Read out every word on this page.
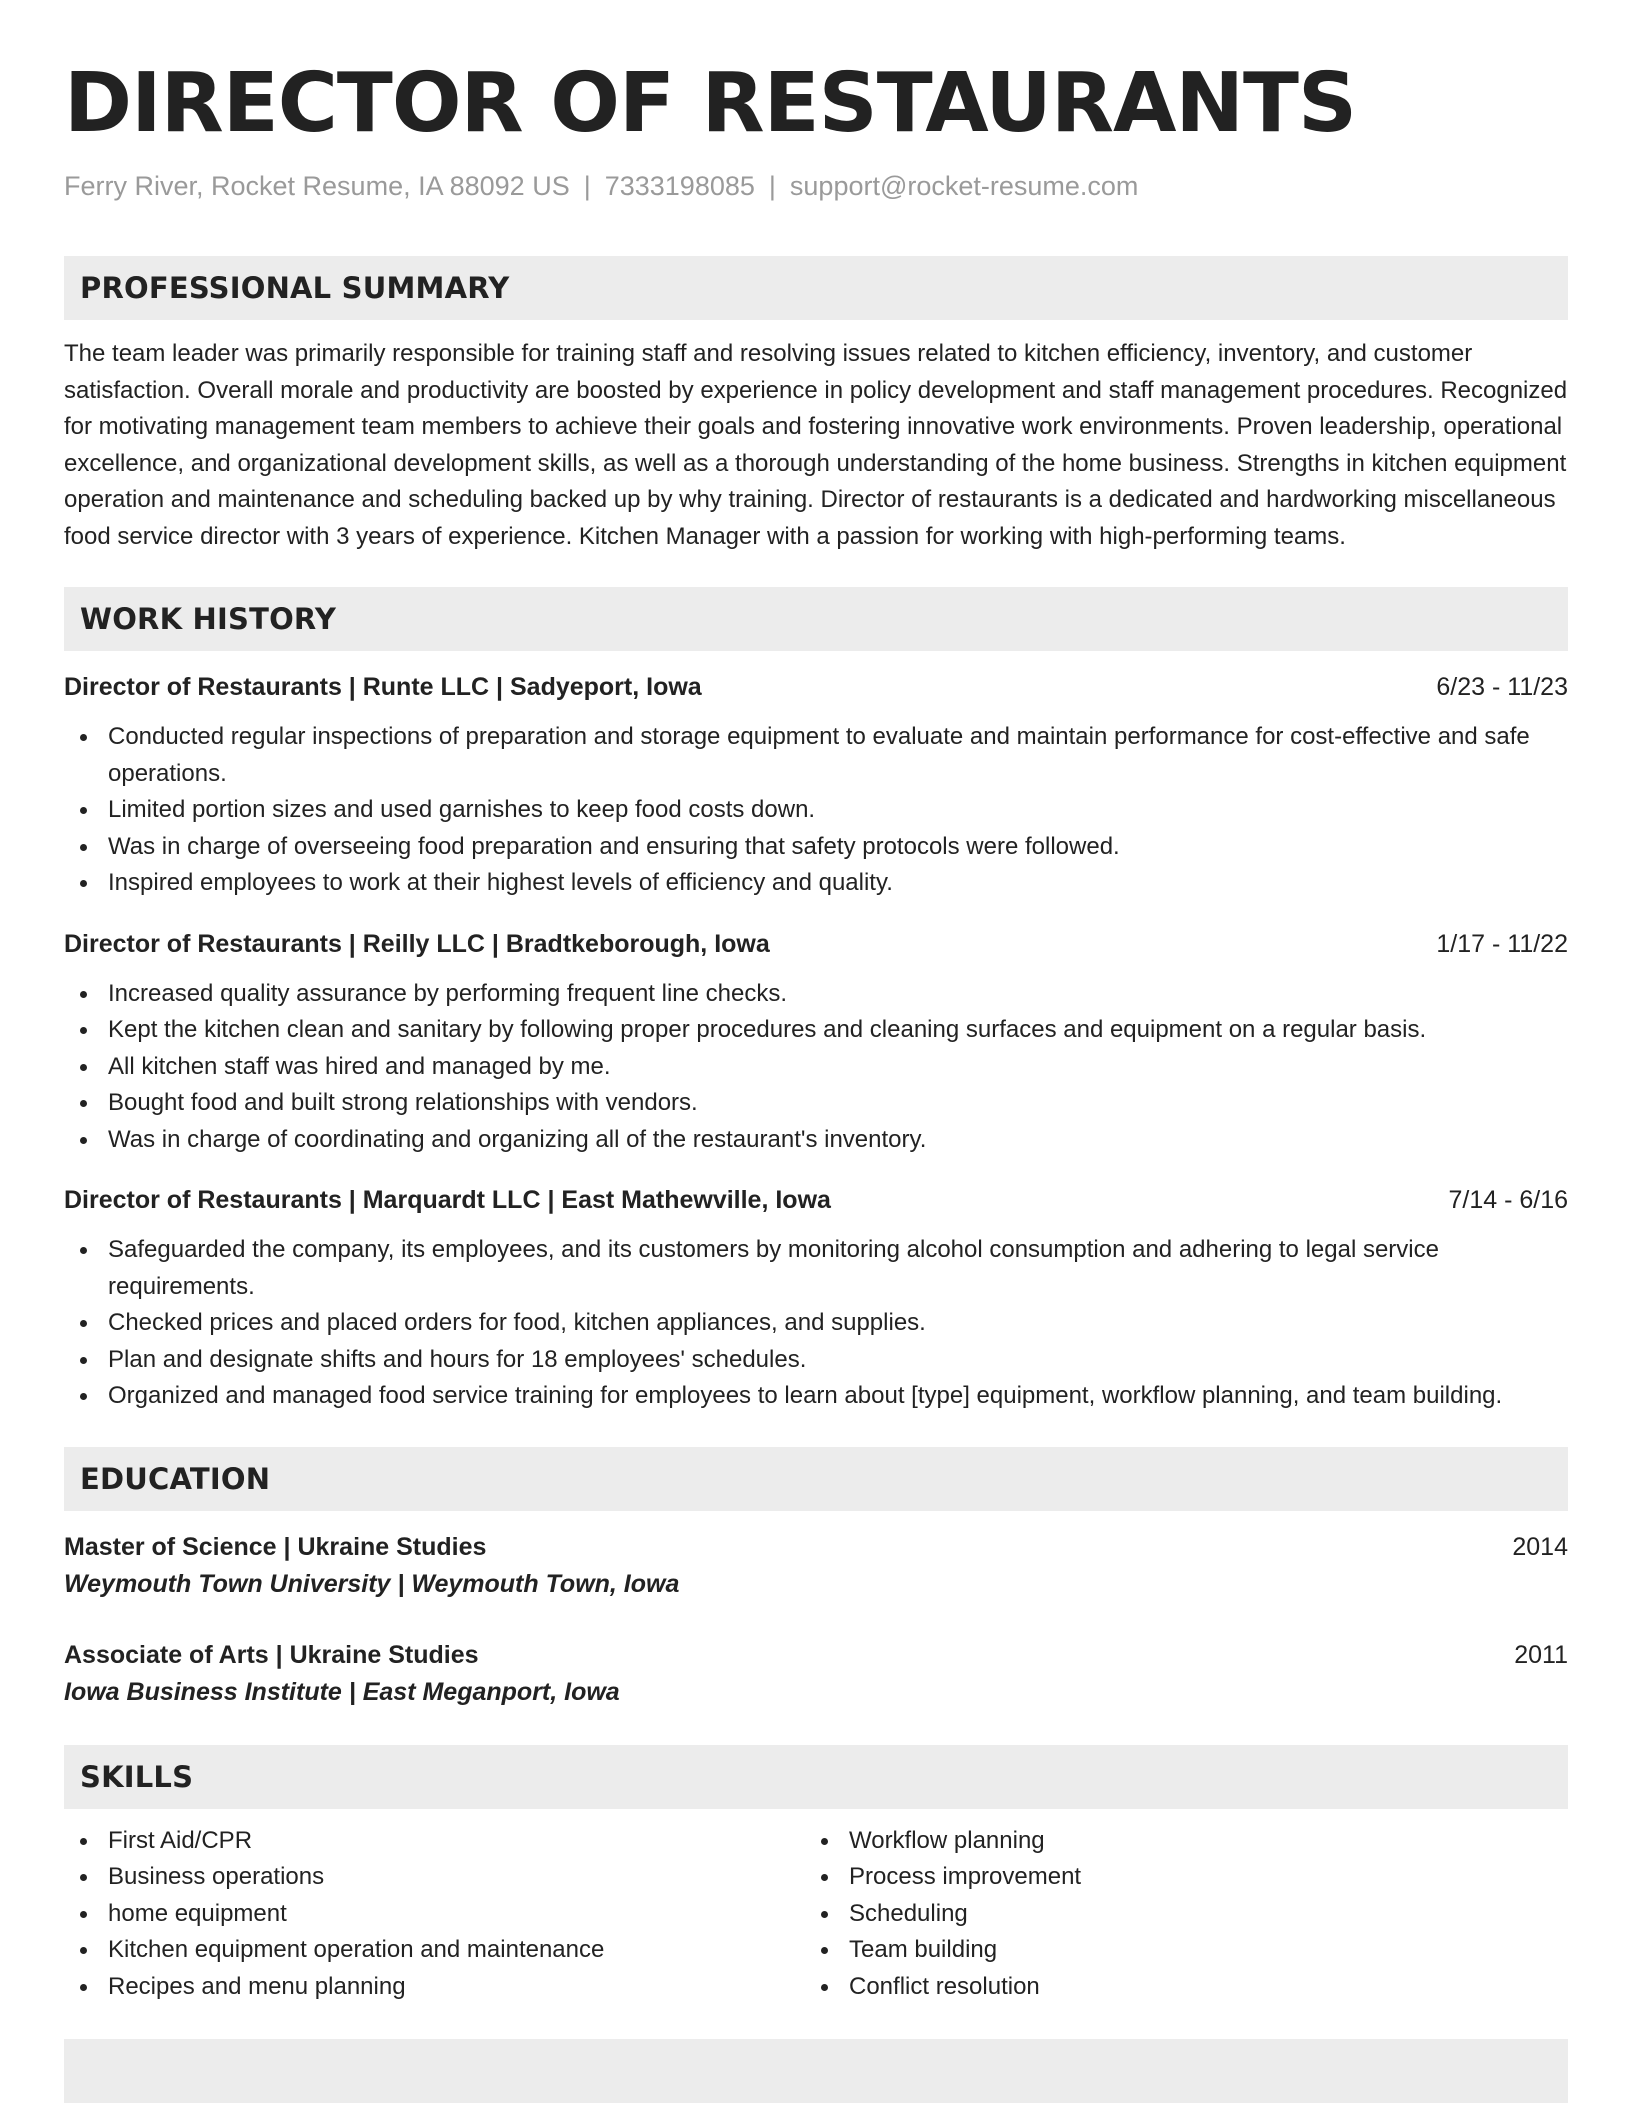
DIRECTOR OF RESTAURANTS
Ferry River, Rocket Resume, IA 88092 US | 7333198085 | support@rocket-resume.com
PROFESSIONAL SUMMARY
The team leader was primarily responsible for training staff and resolving issues related to kitchen efficiency, inventory, and customer satisfaction. Overall morale and productivity are boosted by experience in policy development and staff management procedures. Recognized for motivating management team members to achieve their goals and fostering innovative work environments. Proven leadership, operational excellence, and organizational development skills, as well as a thorough understanding of the home business. Strengths in kitchen equipment operation and maintenance and scheduling backed up by why training. Director of restaurants is a dedicated and hardworking miscellaneous food service director with 3 years of experience. Kitchen Manager with a passion for working with high-performing teams.
WORK HISTORY
Director of Restaurants | Runte LLC | Sadyeport, Iowa	6/23 - 11/23
Conducted regular inspections of preparation and storage equipment to evaluate and maintain performance for cost-effective and safe operations.
Limited portion sizes and used garnishes to keep food costs down.
Was in charge of overseeing food preparation and ensuring that safety protocols were followed.
Inspired employees to work at their highest levels of efficiency and quality.
Director of Restaurants | Reilly LLC | Bradtkeborough, Iowa	1/17 - 11/22
Increased quality assurance by performing frequent line checks.
Kept the kitchen clean and sanitary by following proper procedures and cleaning surfaces and equipment on a regular basis.
All kitchen staff was hired and managed by me.
Bought food and built strong relationships with vendors.
Was in charge of coordinating and organizing all of the restaurant's inventory.
Director of Restaurants | Marquardt LLC | East Mathewville, Iowa	7/14 - 6/16
Safeguarded the company, its employees, and its customers by monitoring alcohol consumption and adhering to legal service requirements.
Checked prices and placed orders for food, kitchen appliances, and supplies.
Plan and designate shifts and hours for 18 employees' schedules.
Organized and managed food service training for employees to learn about [type] equipment, workflow planning, and team building.
EDUCATION
Master of Science | Ukraine Studies	2014
Weymouth Town University | Weymouth Town, Iowa
Associate of Arts | Ukraine Studies	2011
Iowa Business Institute | East Meganport, Iowa
SKILLS
First Aid/CPR
Business operations
home equipment
Kitchen equipment operation and maintenance
Recipes and menu planning
Workflow planning
Process improvement
Scheduling
Team building
Conflict resolution
